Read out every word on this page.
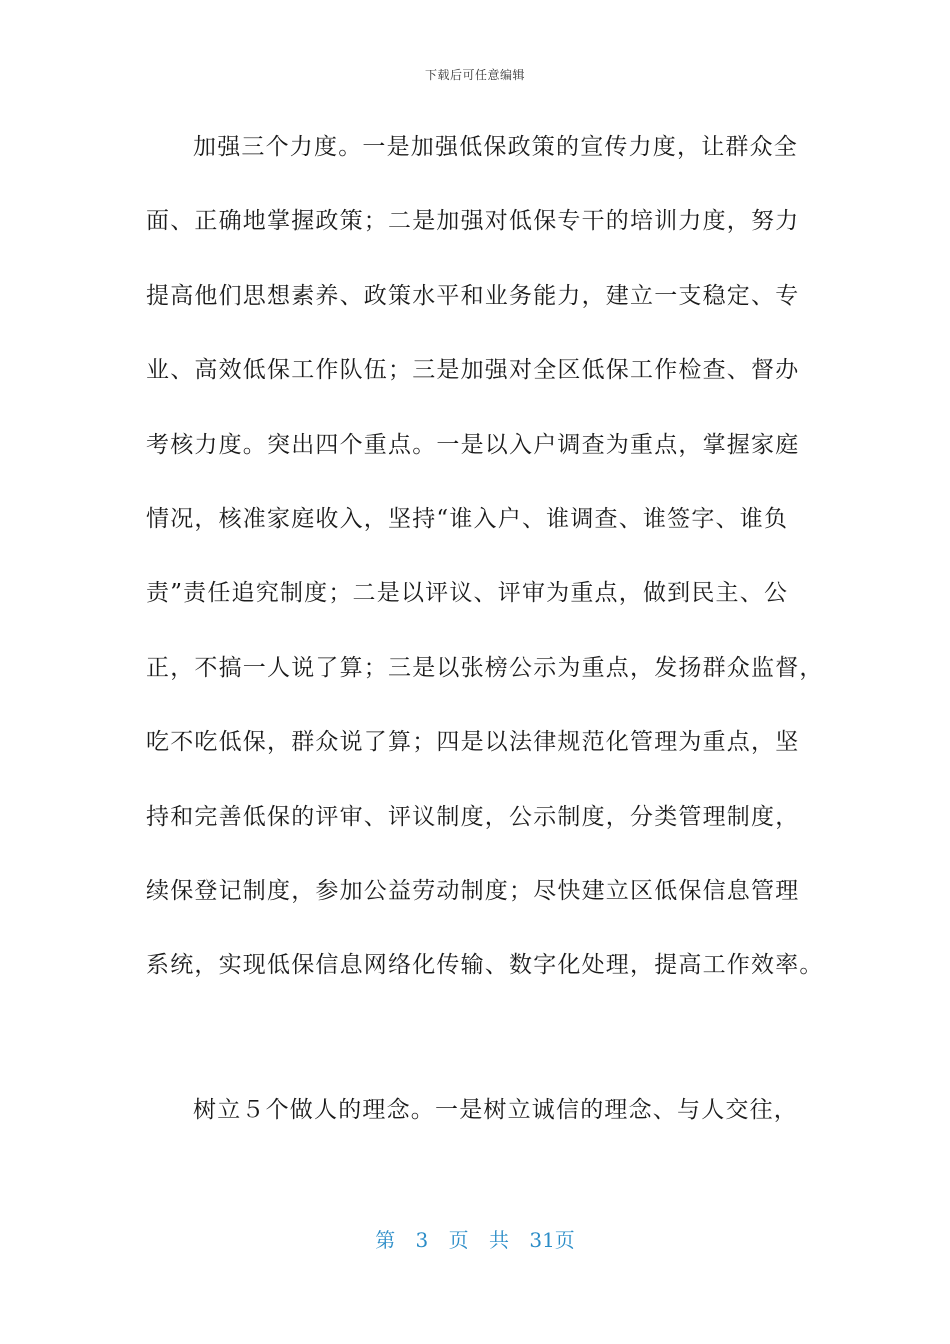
下载后可任意编辑
加强三个力度。一是加强低保政策的宣传力度，让群众全
面、正确地掌握政策；二是加强对低保专干的培训力度，努力
提高他们思想素养、政策水平和业务能力，建立一支稳定、专
业、高效低保工作队伍；三是加强对全区低保工作检查、督办
考核力度。突出四个重点。一是以入户调查为重点，掌握家庭
情况，核准家庭收入，坚持“谁入户、谁调查、谁签字、谁负
责”责任追究制度；二是以评议、评审为重点，做到民主、公
正，不搞一人说了算；三是以张榜公示为重点，发扬群众监督，
吃不吃低保，群众说了算；四是以法律规范化管理为重点，坚
持和完善低保的评审、评议制度，公示制度，分类管理制度，
续保登记制度，参加公益劳动制度；尽快建立区低保信息管理
系统，实现低保信息网络化传输、数字化处理，提高工作效率。
树立５个做人的理念。一是树立诚信的理念、与人交往，
第 3 页 共 31页
